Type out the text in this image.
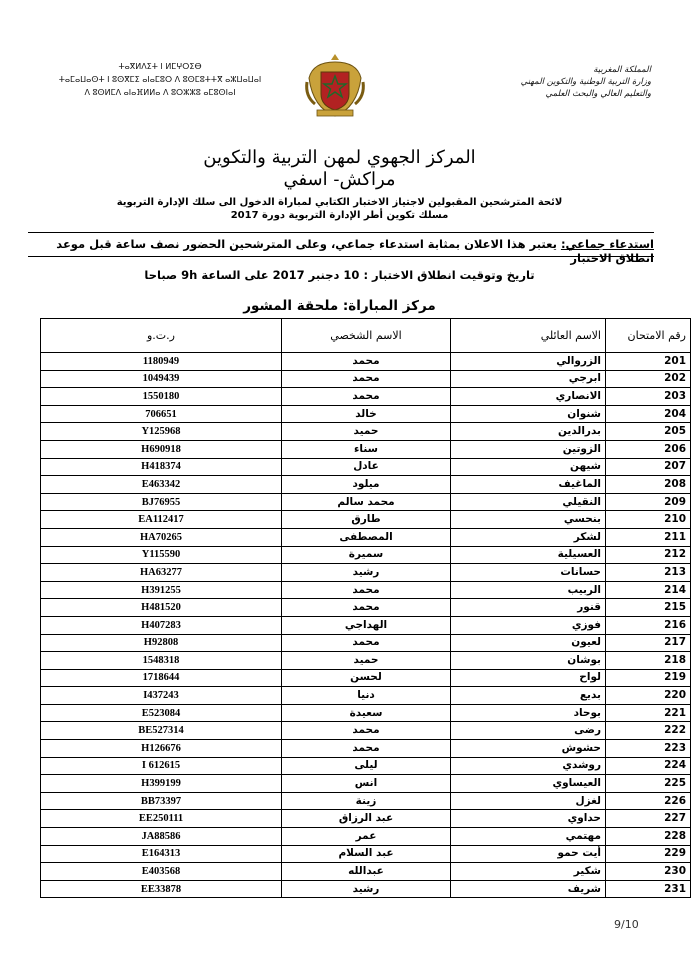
ⵜⴰⴳⵍⴷⵉⵜ ⵏ ⵍⵎⵖⵔⵉⴱ
ⵜⴰⵎⴰⵡⴰⵙⵜ ⵏ ⵓⵙⴳⵎⵉ ⴰⵏⴰⵎⵓⵔ ⴷ ⵓⵙⵎⵓⵜⵜⴳ ⴰⵣⵡⴰⵡⴰⵏ
ⴷ ⵓⵙⵍⵎⴷ ⴰⵏⴰⴼⵍⵍⴰ ⴷ ⵓⵔⵣⵣⵓ ⴰⵎⵓⵙⵏⴰⵏ
المملكة المغربية
وزارة التربية الوطنية والتكوين المهني
والتعليم العالي والبحث العلمي
المركز الجهوي لمهن التربية والتكوين
مراكش- اسفي
لائحة المترشحين المقبولين لاجتياز الاختبار الكتابي لمباراة الدخول الى سلك الإدارة التربوية
مسلك تكوين أطر الإدارة التربوية دورة 2017
استدعاء جماعي: يعتبر هذا الاعلان بمثابة استدعاء جماعي، وعلى المترشحين الحضور نصف ساعة قبل موعد انطلاق الاختبار
تاريخ وتوقيت انطلاق الاختبار : 10 دجنبر 2017 على الساعة 9h صباحا
مركز المباراة: ملحقة المشور
رقم الامتحان	الاسم العائلي	الاسم الشخصي	ر.ت.و
201	الزروالي	محمد	1180949
202	ابرجي	محمد	1049439
203	الانصاري	محمد	1550180
204	شنوان	خالد	706651
205	بدرالدين	حميد	Y125968
206	الزوتين	سناء	H690918
207	شيهن	عادل	H418374
208	الماغيف	ميلود	E463342
209	النقيلي	محمد سالم	BJ76955
210	بنحسي	طارق	EA112417
211	لشكر	المصطفى	HA70265
212	العسيلية	سميرة	Y115590
213	حسانات	رشيد	HA63277
214	الربيب	محمد	H391255
215	قنور	محمد	H481520
216	فوزي	الهداجي	H407283
217	لعيون	محمد	H92808
218	بوشان	حميد	1548318
219	لواح	لحسن	1718644
220	بديع	دنيا	I437243
221	بوحاد	سعيدة	E523084
222	رضى	محمد	BE527314
223	حشوش	محمد	H126676
224	روشدي	ليلى	I 612615
225	العيساوي	انس	H399199
226	لغزل	زينة	BB73397
227	حداوي	عبد الرزاق	EE250111
228	مهتمي	عمر	JA88586
229	أيت حمو	عبد السلام	E164313
230	شكير	عبدالله	E403568
231	شريف	رشيد	EE33878
9/10
